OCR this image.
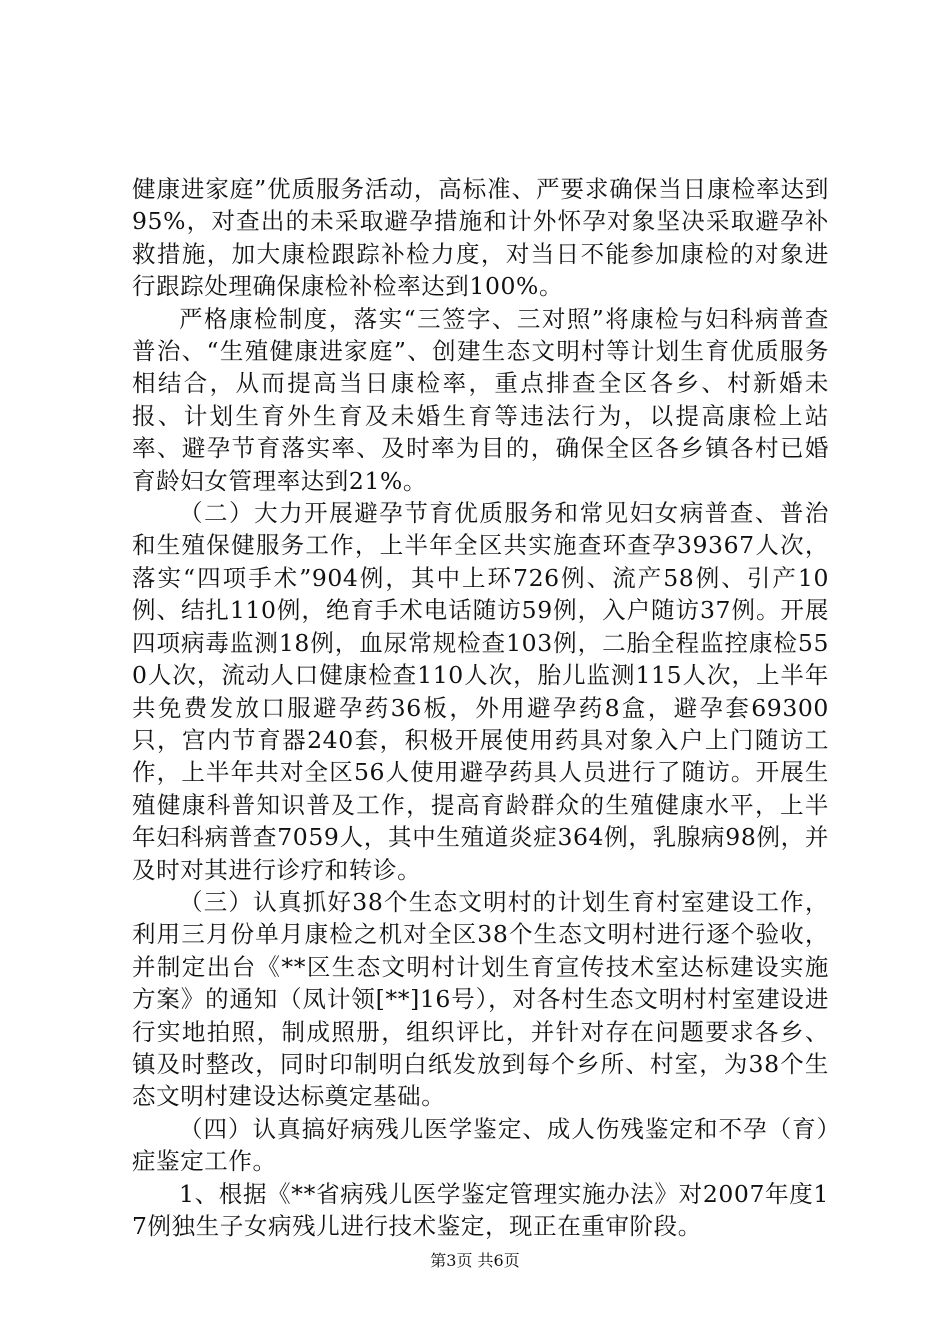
健康进家庭”优质服务活动，高标准、严要求确保当日康检率达到95%，对查出的未采取避孕措施和计外怀孕对象坚决采取避孕补救措施，加大康检跟踪补检力度，对当日不能参加康检的对象进行跟踪处理确保康检补检率达到100%。

严格康检制度，落实“三签字、三对照”将康检与妇科病普查普治、“生殖健康进家庭”、创建生态文明村等计划生育优质服务相结合，从而提高当日康检率，重点排查全区各乡、村新婚未报、计划生育外生育及未婚生育等违法行为，以提高康检上站率、避孕节育落实率、及时率为目的，确保全区各乡镇各村已婚育龄妇女管理率达到21%。

（二）大力开展避孕节育优质服务和常见妇女病普查、普治和生殖保健服务工作，上半年全区共实施查环查孕39367人次，落实“四项手术”904例，其中上环726例、流产58例、引产10例、结扎110例，绝育手术电话随访59例，入户随访37例。开展四项病毒监测18例，血尿常规检查103例，二胎全程监控康检550人次，流动人口健康检查110人次，胎儿监测115人次，上半年共免费发放口服避孕药36板，外用避孕药8盒，避孕套69300只，宫内节育器240套，积极开展使用药具对象入户上门随访工作，上半年共对全区56人使用避孕药具人员进行了随访。开展生殖健康科普知识普及工作，提高育龄群众的生殖健康水平，上半年妇科病普查7059人，其中生殖道炎症364例，乳腺病98例，并及时对其进行诊疗和转诊。

（三）认真抓好38个生态文明村的计划生育村室建设工作，利用三月份单月康检之机对全区38个生态文明村进行逐个验收，并制定出台《**区生态文明村计划生育宣传技术室达标建设实施方案》的通知（凤计领[**]16号），对各村生态文明村村室建设进行实地拍照，制成照册，组织评比，并针对存在问题要求各乡、镇及时整改，同时印制明白纸发放到每个乡所、村室，为38个生态文明村建设达标奠定基础。

（四）认真搞好病残儿医学鉴定、成人伤残鉴定和不孕（育）症鉴定工作。

1、根据《**省病残儿医学鉴定管理实施办法》对2007年度17例独生子女病残儿进行技术鉴定，现正在重审阶段。

第3页 共6页
